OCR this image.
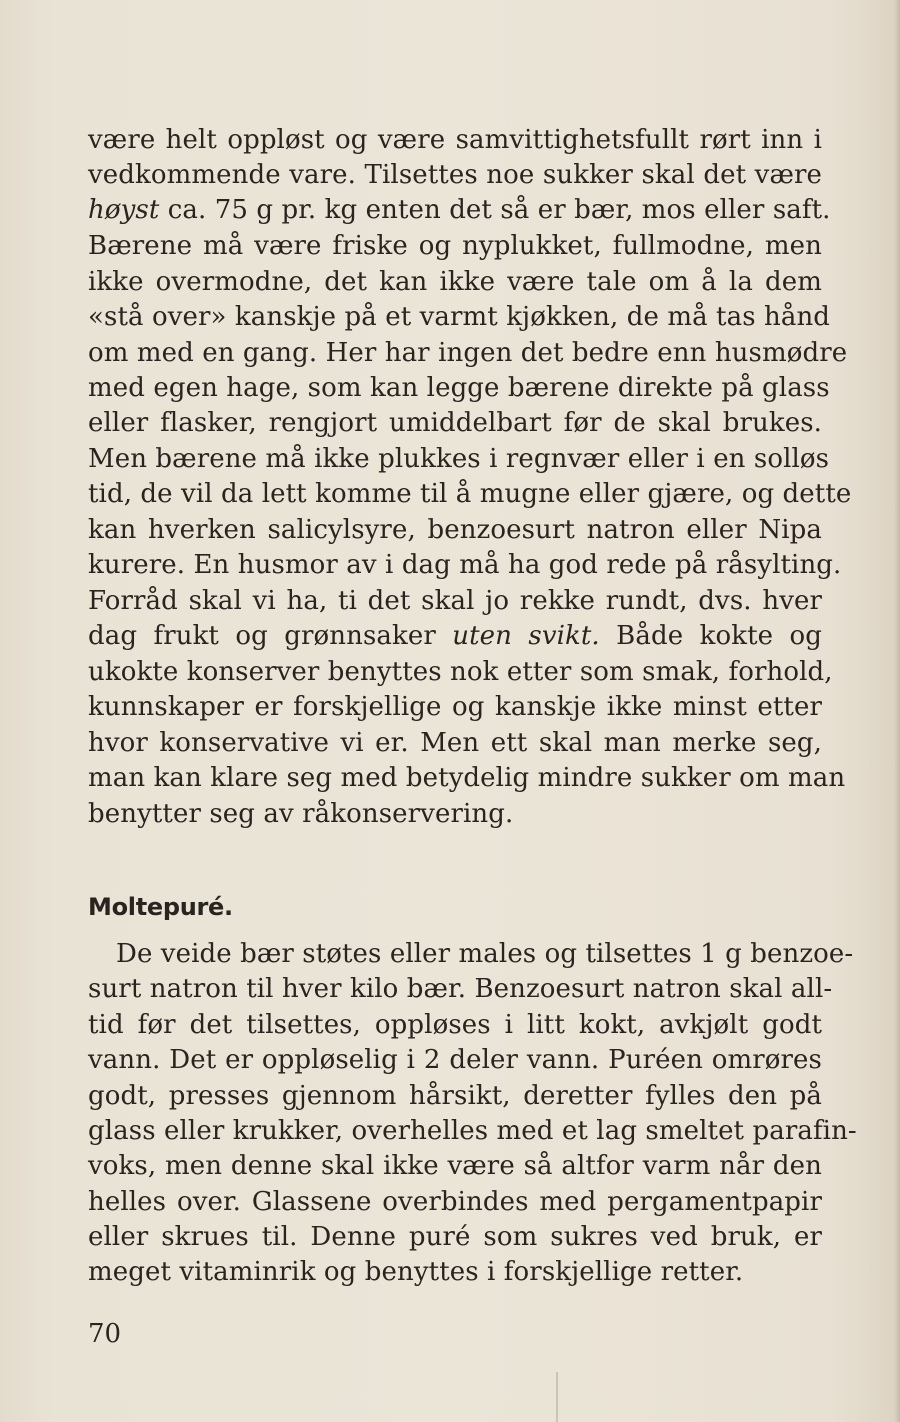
være helt oppløst og være samvittighetsfullt rørt inn i
vedkommende vare. Tilsettes noe sukker skal det være
høyst ca. 75 g pr. kg enten det så er bær, mos eller saft.
Bærene må være friske og nyplukket, fullmodne, men
ikke overmodne, det kan ikke være tale om å la dem
«stå over» kanskje på et varmt kjøkken, de må tas hånd
om med en gang. Her har ingen det bedre enn husmødre
med egen hage, som kan legge bærene direkte på glass
eller flasker, rengjort umiddelbart før de skal brukes.
Men bærene må ikke plukkes i regnvær eller i en solløs
tid, de vil da lett komme til å mugne eller gjære, og dette
kan hverken salicylsyre, benzoesurt natron eller Nipa
kurere. En husmor av i dag må ha god rede på råsylting.
Forråd skal vi ha, ti det skal jo rekke rundt, dvs. hver
dag frukt og grønnsaker uten svikt. Både kokte og
ukokte konserver benyttes nok etter som smak, forhold,
kunnskaper er forskjellige og kanskje ikke minst etter
hvor konservative vi er. Men ett skal man merke seg,
man kan klare seg med betydelig mindre sukker om man
benytter seg av råkonservering.
Moltepuré.
De veide bær støtes eller males og tilsettes 1 g benzoe-
surt natron til hver kilo bær. Benzoesurt natron skal all-
tid før det tilsettes, oppløses i litt kokt, avkjølt godt
vann. Det er oppløselig i 2 deler vann. Puréen omrøres
godt, presses gjennom hårsikt, deretter fylles den på
glass eller krukker, overhelles med et lag smeltet parafin-
voks, men denne skal ikke være så altfor varm når den
helles over. Glassene overbindes med pergamentpapir
eller skrues til. Denne puré som sukres ved bruk, er
meget vitaminrik og benyttes i forskjellige retter.
70
